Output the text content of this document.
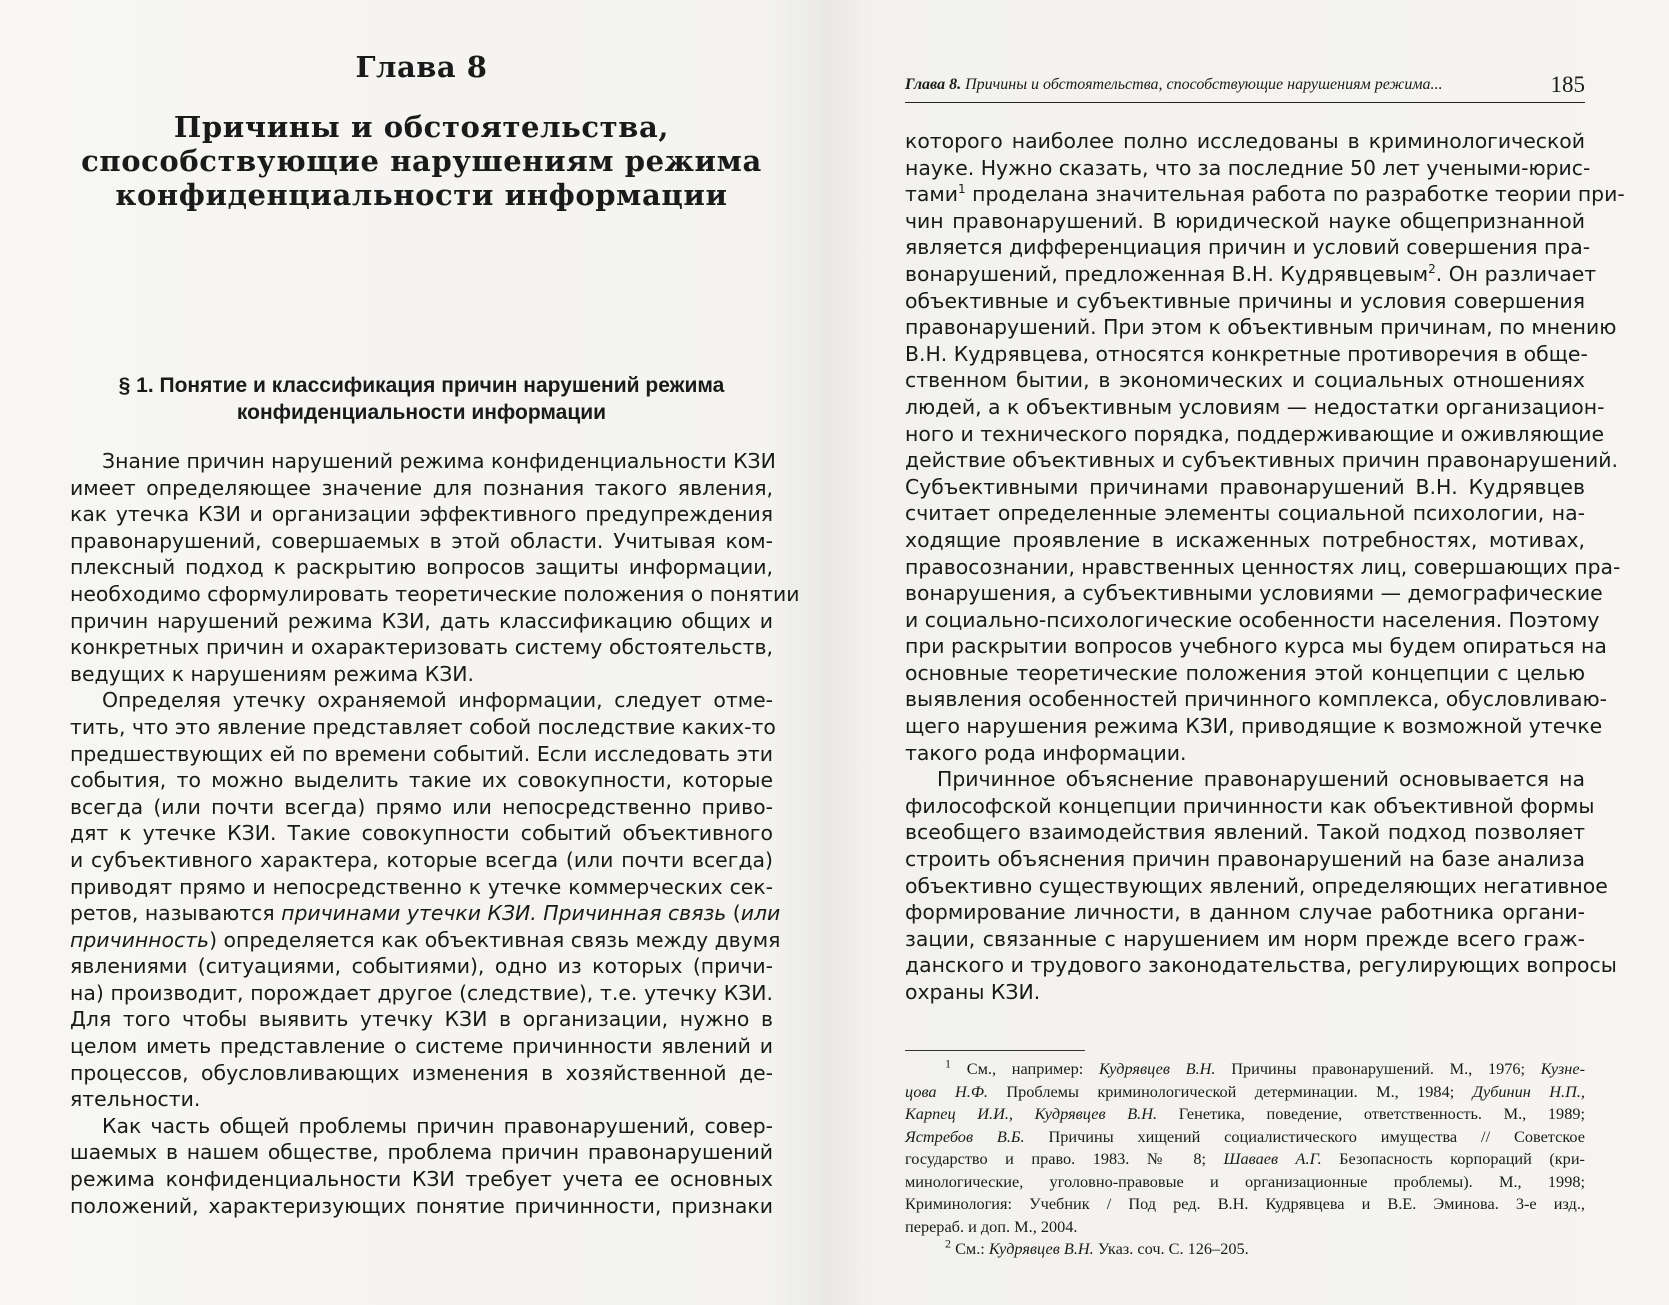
Глава 8
Причины и обстоятельства,
способствующие нарушениям режима
конфиденциальности информации
§ 1. Понятие и классификация причин нарушений режима
конфиденциальности информации
Знание причин нарушений режима конфиденциальности КЗИ
имеет определяющее значение для познания такого явления,
как утечка КЗИ и организации эффективного предупреждения
правонарушений, совершаемых в этой области. Учитывая ком-
плексный подход к раскрытию вопросов защиты информации,
необходимо сформулировать теоретические положения о понятии
причин нарушений режима КЗИ, дать классификацию общих и
конкретных причин и охарактеризовать систему обстоятельств,
ведущих к нарушениям режима КЗИ.
Определяя утечку охраняемой информации, следует отме-
тить, что это явление представляет собой последствие каких-то
предшествующих ей по времени событий. Если исследовать эти
события, то можно выделить такие их совокупности, которые
всегда (или почти всегда) прямо или непосредственно приво-
дят к утечке КЗИ. Такие совокупности событий объективного
и субъективного характера, которые всегда (или почти всегда)
приводят прямо и непосредственно к утечке коммерческих сек-
ретов, называются причинами утечки КЗИ. Причинная связь (или
причинность) определяется как объективная связь между двумя
явлениями (ситуациями, событиями), одно из которых (причи-
на) производит, порождает другое (следствие), т.е. утечку КЗИ.
Для того чтобы выявить утечку КЗИ в организации, нужно в
целом иметь представление о системе причинности явлений и
процессов, обусловливающих изменения в хозяйственной де-
ятельности.
Как часть общей проблемы причин правонарушений, совер-
шаемых в нашем обществе, проблема причин правонарушений
режима конфиденциальности КЗИ требует учета ее основных
положений, характеризующих понятие причинности, признаки
Глава 8. Причины и обстоятельства, способствующие нарушениям режима...	185
которого наиболее полно исследованы в криминологической
науке. Нужно сказать, что за последние 50 лет учеными-юрис-
тами$^1$ проделана значительная работа по разработке теории при-
чин правонарушений. В юридической науке общепризнанной
является дифференциация причин и условий совершения пра-
вонарушений, предложенная В.Н. Кудрявцевым$^2$. Он различает
объективные и субъективные причины и условия совершения
правонарушений. При этом к объективным причинам, по мнению
В.Н. Кудрявцева, относятся конкретные противоречия в обще-
ственном бытии, в экономических и социальных отношениях
людей, а к объективным условиям — недостатки организацион-
ного и технического порядка, поддерживающие и оживляющие
действие объективных и субъективных причин правонарушений.
Субъективными причинами правонарушений В.Н. Кудрявцев
считает определенные элементы социальной психологии, на-
ходящие проявление в искаженных потребностях, мотивах,
правосознании, нравственных ценностях лиц, совершающих пра-
вонарушения, а субъективными условиями — демографические
и социально-психологические особенности населения. Поэтому
при раскрытии вопросов учебного курса мы будем опираться на
основные теоретические положения этой концепции с целью
выявления особенностей причинного комплекса, обусловливаю-
щего нарушения режима КЗИ, приводящие к возможной утечке
такого рода информации.
Причинное объяснение правонарушений основывается на
философской концепции причинности как объективной формы
всеобщего взаимодействия явлений. Такой подход позволяет
строить объяснения причин правонарушений на базе анализа
объективно существующих явлений, определяющих негативное
формирование личности, в данном случае работника органи-
зации, связанные с нарушением им норм прежде всего граж-
данского и трудового законодательства, регулирующих вопросы
охраны КЗИ.
$^1$ См., например: Кудрявцев В.Н. Причины правонарушений. М., 1976; Кузне-
цова Н.Ф. Проблемы криминологической детерминации. М., 1984; Дубинин Н.П.,
Карпец И.И., Кудрявцев В.Н. Генетика, поведение, ответственность. М., 1989;
Ястребов В.Б. Причины хищений социалистического имущества // Советское
государство и право. 1983. № 8; Шаваев А.Г. Безопасность корпораций (кри-
минологические, уголовно-правовые и организационные проблемы). М., 1998;
Криминология: Учебник / Под ред. В.Н. Кудрявцева и В.Е. Эминова. 3-е изд.,
перераб. и доп. М., 2004.
$^2$ См.: Кудрявцев В.Н. Указ. соч. С. 126–205.
